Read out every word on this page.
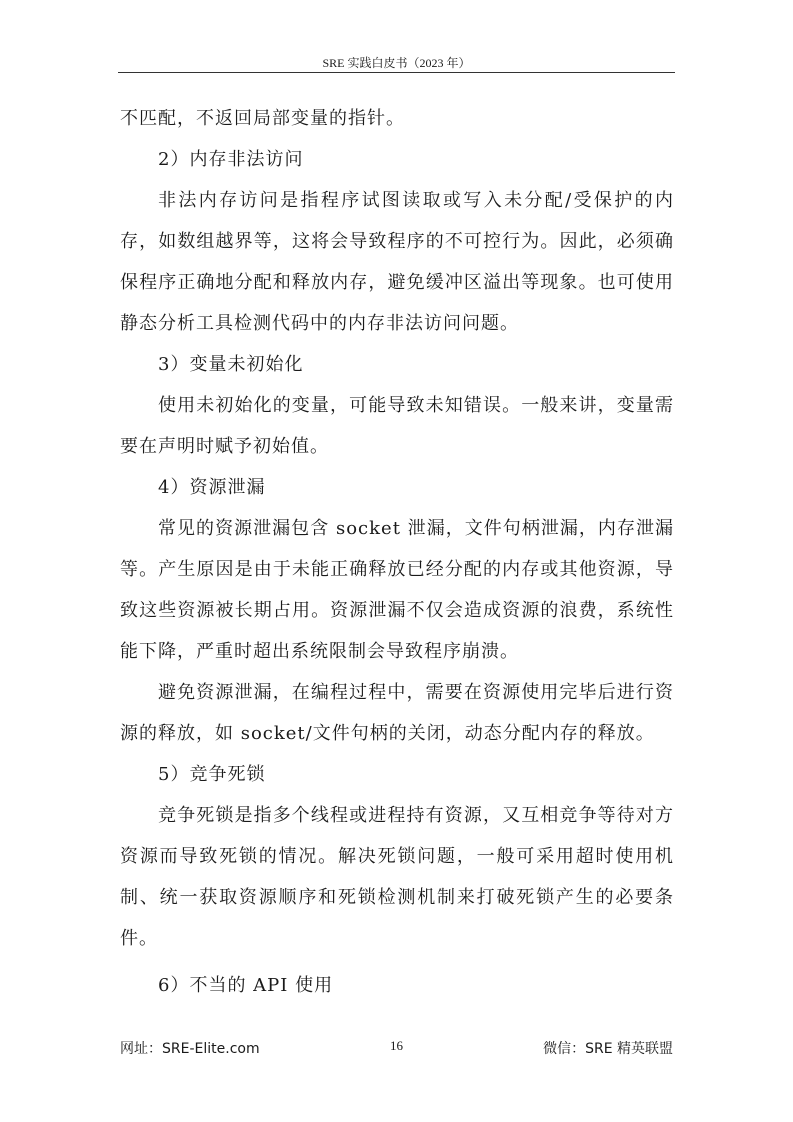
SRE 实践白皮书（2023 年）

不匹配，不返回局部变量的指针。

2）内存非法访问

非法内存访问是指程序试图读取或写入未分配/受保护的内存，如数组越界等，这将会导致程序的不可控行为。因此，必须确保程序正确地分配和释放内存，避免缓冲区溢出等现象。也可使用静态分析工具检测代码中的内存非法访问问题。

3）变量未初始化

使用未初始化的变量，可能导致未知错误。一般来讲，变量需要在声明时赋予初始值。

4）资源泄漏

常见的资源泄漏包含 socket 泄漏，文件句柄泄漏，内存泄漏等。产生原因是由于未能正确释放已经分配的内存或其他资源，导致这些资源被长期占用。资源泄漏不仅会造成资源的浪费，系统性能下降，严重时超出系统限制会导致程序崩溃。

避免资源泄漏，在编程过程中，需要在资源使用完毕后进行资源的释放，如 socket/文件句柄的关闭，动态分配内存的释放。

5）竞争死锁

竞争死锁是指多个线程或进程持有资源，又互相竞争等待对方资源而导致死锁的情况。解决死锁问题，一般可采用超时使用机制、统一获取资源顺序和死锁检测机制来打破死锁产生的必要条件。

6）不当的 API 使用

网址：SRE-Elite.com	16	微信：SRE 精英联盟
